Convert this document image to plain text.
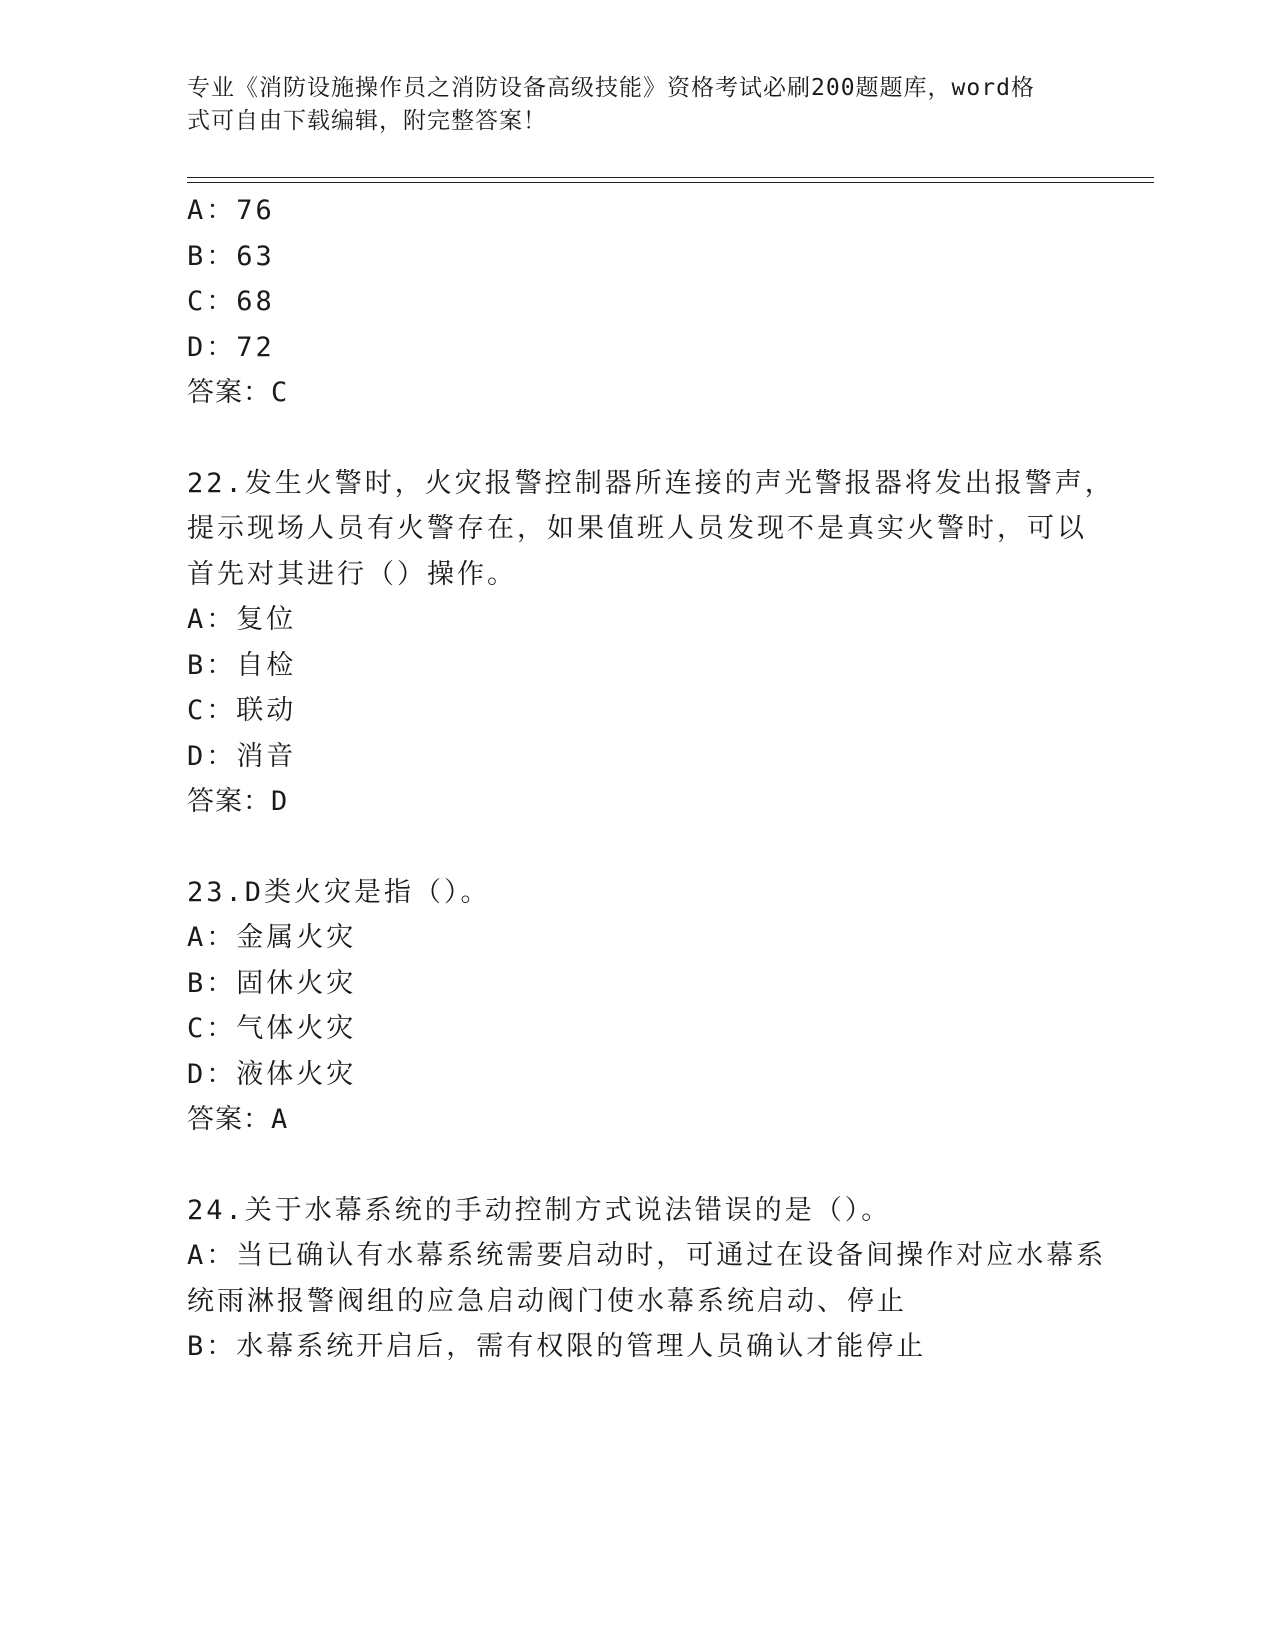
专业《消防设施操作员之消防设备高级技能》资格考试必刷200题题库，word格

式可自由下载编辑，附完整答案！

A：76
B：63
C：68
D：72
答案：C
22.发生火警时，火灾报警控制器所连接的声光警报器将发出报警声，
提示现场人员有火警存在，如果值班人员发现不是真实火警时，可以
首先对其进行（）操作。
A：复位
B：自检
C：联动
D：消音
答案：D
23.D类火灾是指（）。
A：金属火灾
B：固休火灾
C：气体火灾
D：液体火灾
答案：A
24.关于水幕系统的手动控制方式说法错误的是（）。
A：当已确认有水幕系统需要启动时，可通过在设备间操作对应水幕系
统雨淋报警阀组的应急启动阀门使水幕系统启动、停止
B：水幕系统开启后，需有权限的管理人员确认才能停止
